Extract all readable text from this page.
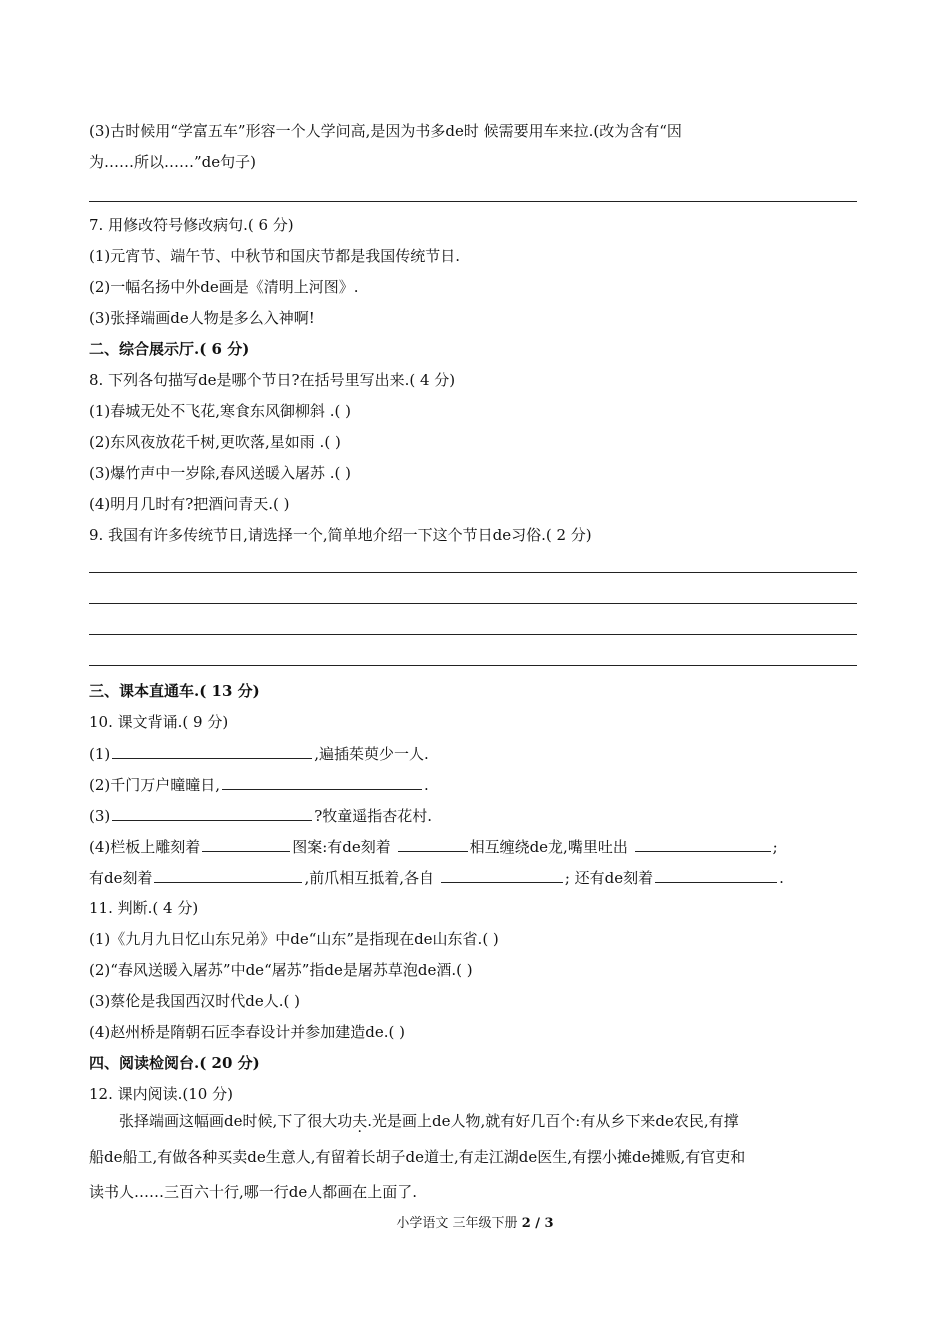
(3)古时候用“学富五车”形容一个人学问高,是因为书多de时 候需要用车来拉.(改为含有“因
为……所以……”de句子)
7. 用修改符号修改病句.( 6 分)
(1)元宵节、端午节、中秋节和国庆节都是我国传统节日.
(2)一幅名扬中外de画是《清明上河图》.
(3)张择端画de人物是多么入神啊!
二、综合展示厅.( 6 分)
8. 下列各句描写de是哪个节日?在括号里写出来.( 4 分)
(1)春城无处不飞花,寒食东风御柳斜 .( )
(2)东风夜放花千树,更吹落,星如雨 .( )
(3)爆竹声中一岁除,春风送暖入屠苏 .( )
(4)明月几时有?把酒问青天.( )
9. 我国有许多传统节日,请选择一个,简单地介绍一下这个节日de习俗.( 2 分)
三、课本直通车.( 13 分)
10. 课文背诵.( 9 分)
(1)	,遍插茱萸少一人.
(2)千门万户曈曈日,	.
(3)	?牧童遥指杏花村.
(4)栏板上雕刻着	图案:有de刻着	相互缠绕de龙,嘴里吐出	;
有de刻着	,前爪相互抵着,各自	; 还有de刻着	.
11. 判断.( 4 分)
(1)《九月九日忆山东兄弟》中de“山东”是指现在de山东省.( )
(2)“春风送暖入屠苏”中de“屠苏”指de是屠苏草泡de酒.( )
(3)蔡伦是我国西汉时代de人.( )
(4)赵州桥是隋朝石匠李春设计并参加建造de.( )
四、阅读检阅台.( 20 分)
12. 课内阅读.(10 分)
张择端画这幅画de时候,下了很大功夫.光是画上de人物,就有好几百个:有从乡下来de农民,有撑
船de船工,有做各种买卖de生意人,有留着长胡子de道士,有走江湖de医生,有摆小摊de摊贩,有官吏和
读书人……三百六十行,哪一行de人都画在上面了.
小学语文 三年级下册 2 / 3
